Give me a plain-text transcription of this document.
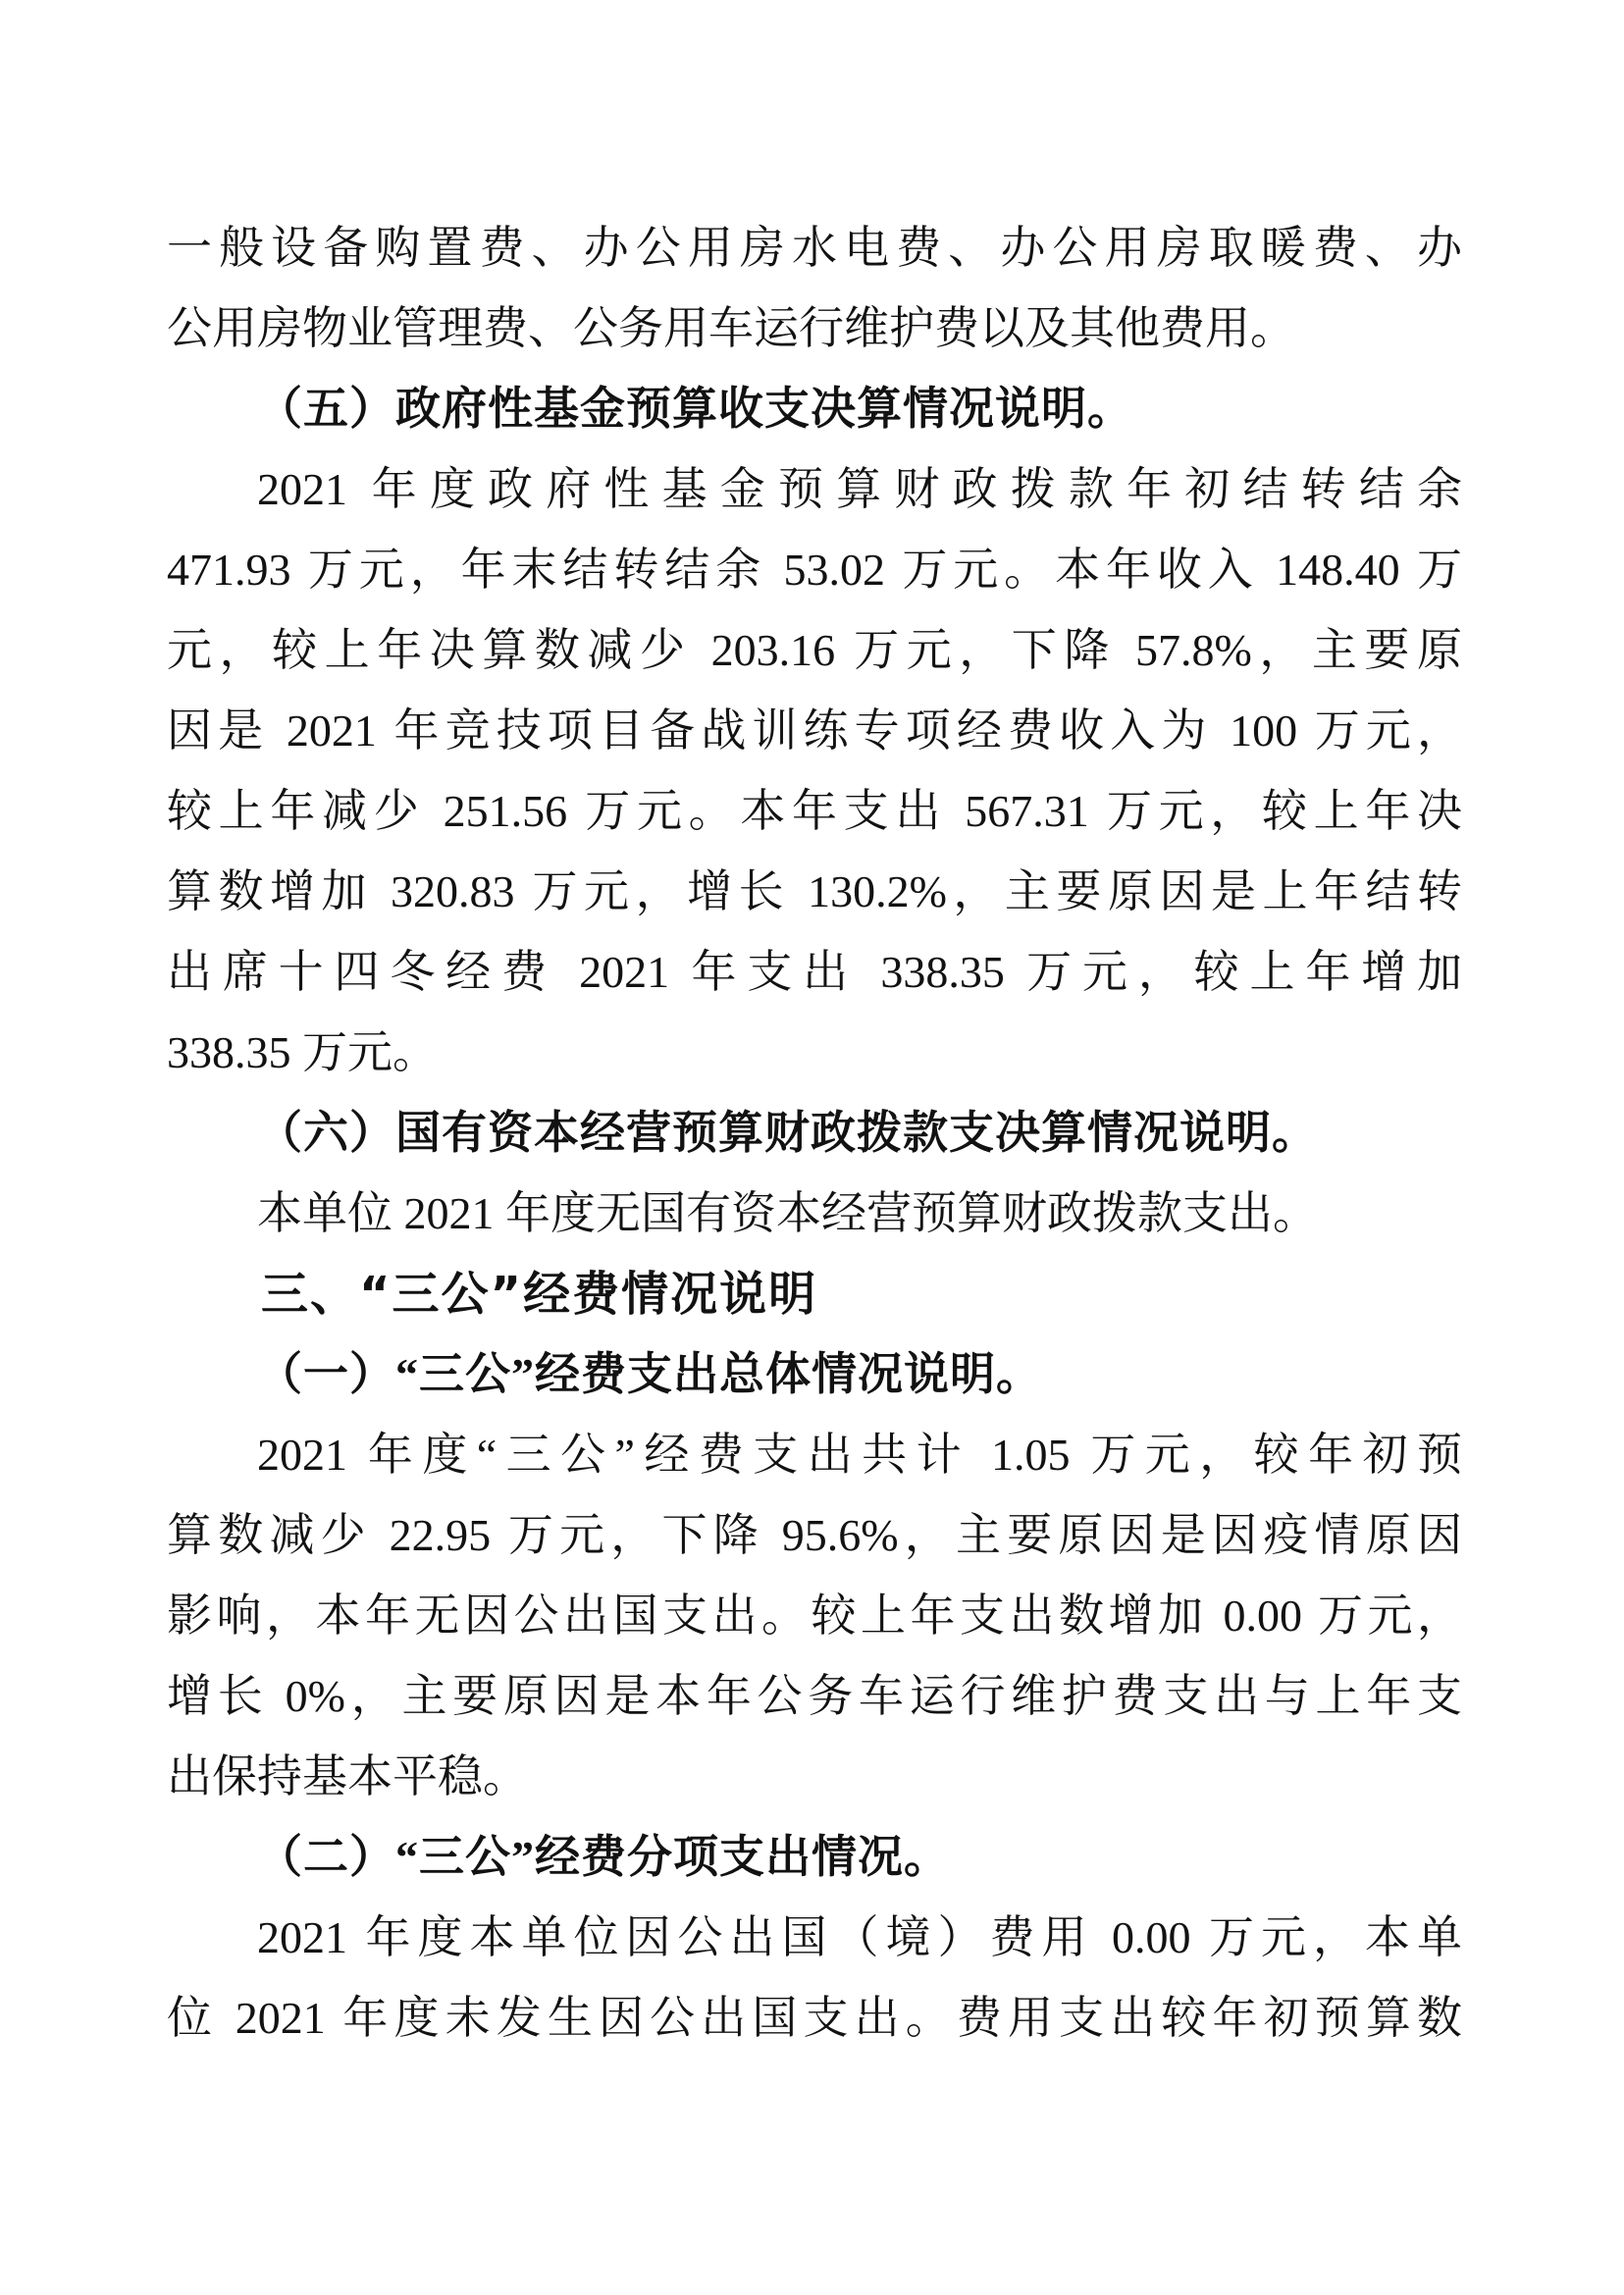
一般设备购置费、办公用房水电费、办公用房取暖费、办
公用房物业管理费、公务用车运行维护费以及其他费用。
（五）政府性基金预算收支决算情况说明。
2021 年度政府性基金预算财政拨款年初结转结余
471.93 万元，年末结转结余 53.02 万元。本年收入 148.40 万
元，较上年决算数减少 203.16 万元，下降 57.8%，主要原
因是 2021 年竞技项目备战训练专项经费收入为 100 万元，
较上年减少 251.56 万元。本年支出 567.31 万元，较上年决
算数增加 320.83 万元，增长 130.2%，主要原因是上年结转
出席十四冬经费 2021 年支出 338.35 万元，较上年增加
338.35 万元。
（六）国有资本经营预算财政拨款支决算情况说明。
本单位 2021 年度无国有资本经营预算财政拨款支出。
三、“三公”经费情况说明
（一）“三公”经费支出总体情况说明。
2021 年度“三公”经费支出共计 1.05 万元，较年初预
算数减少 22.95 万元，下降 95.6%，主要原因是因疫情原因
影响，本年无因公出国支出。较上年支出数增加 0.00 万元，
增长 0%，主要原因是本年公务车运行维护费支出与上年支
出保持基本平稳。
（二）“三公”经费分项支出情况。
2021 年度本单位因公出国（境）费用 0.00 万元，本单
位 2021 年度未发生因公出国支出。费用支出较年初预算数
